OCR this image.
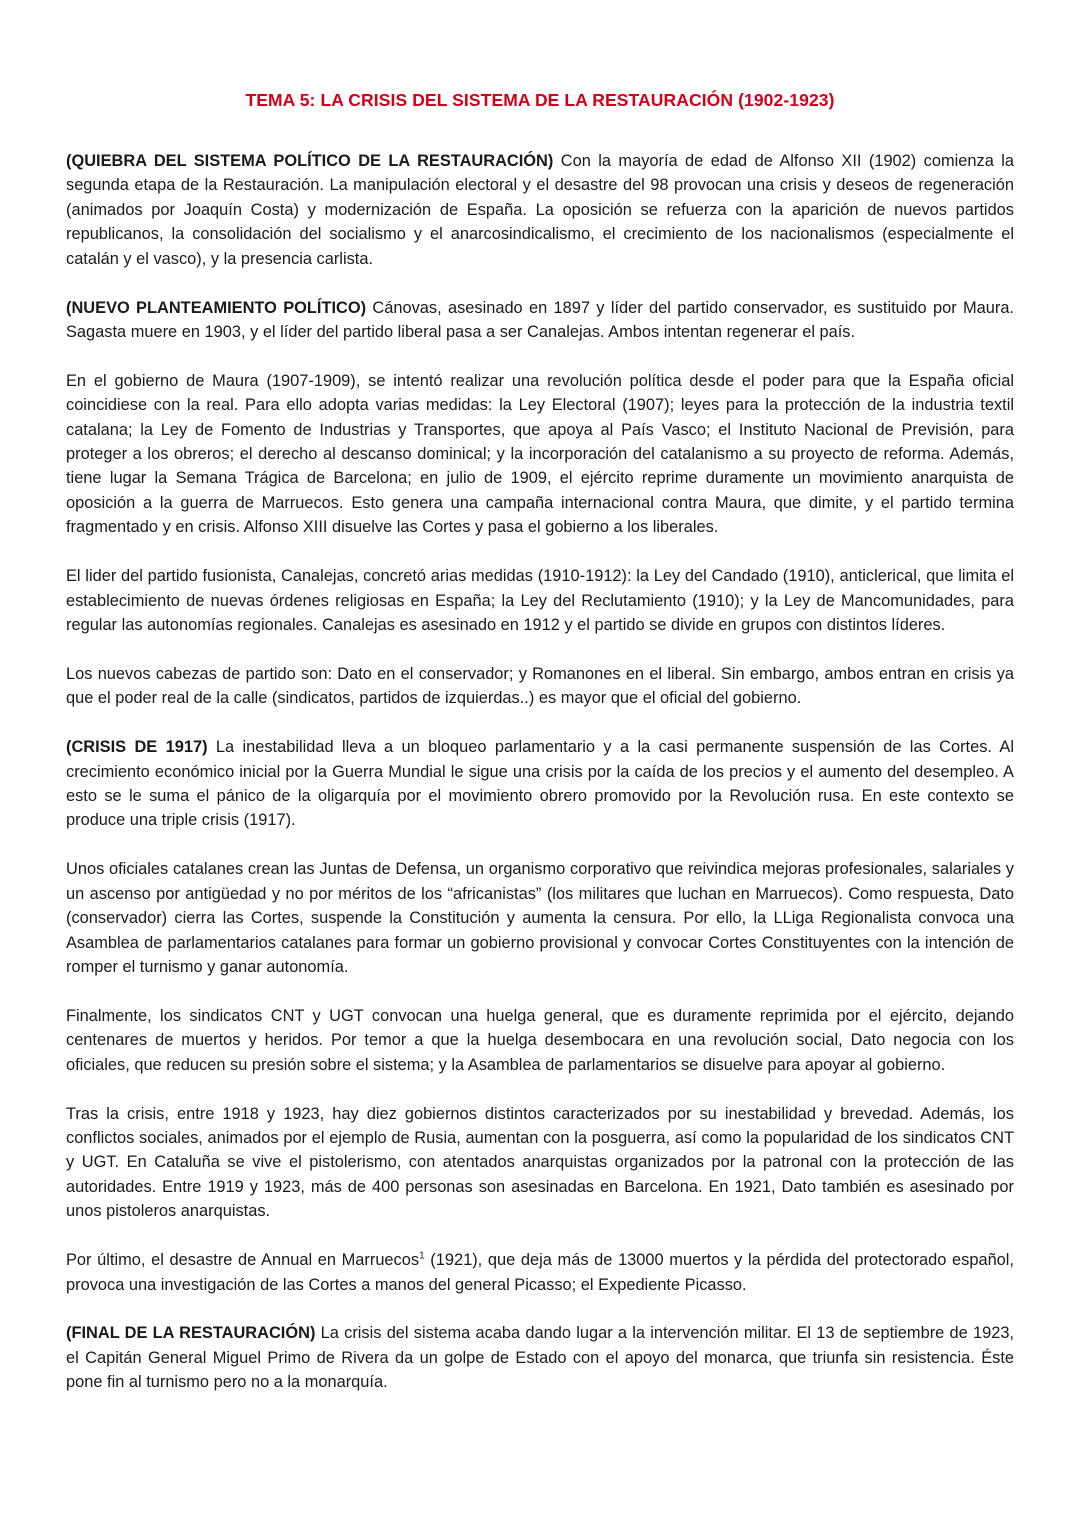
TEMA 5: LA CRISIS DEL SISTEMA DE LA RESTAURACIÓN (1902-1923)

(QUIEBRA DEL SISTEMA POLÍTICO DE LA RESTAURACIÓN) Con la mayoría de edad de Alfonso XII (1902) comienza la segunda etapa de la Restauración. La manipulación electoral y el desastre del 98 provocan una crisis y deseos de regeneración (animados por Joaquín Costa) y modernización de España. La oposición se refuerza con la aparición de nuevos partidos republicanos, la consolidación del socialismo y el anarcosindicalismo, el crecimiento de los nacionalismos (especialmente el catalán y el vasco), y la presencia carlista.

(NUEVO PLANTEAMIENTO POLÍTICO) Cánovas, asesinado en 1897 y líder del partido conservador, es sustituido por Maura. Sagasta muere en 1903, y el líder del partido liberal pasa a ser Canalejas. Ambos intentan regenerar el país.

En el gobierno de Maura (1907-1909), se intentó realizar una revolución política desde el poder para que la España oficial coincidiese con la real. Para ello adopta varias medidas: la Ley Electoral (1907); leyes para la protección de la industria textil catalana; la Ley de Fomento de Industrias y Transportes, que apoya al País Vasco; el Instituto Nacional de Previsión, para proteger a los obreros; el derecho al descanso dominical; y la incorporación del catalanismo a su proyecto de reforma. Además, tiene lugar la Semana Trágica de Barcelona; en julio de 1909, el ejército reprime duramente un movimiento anarquista de oposición a la guerra de Marruecos. Esto genera una campaña internacional contra Maura, que dimite, y el partido termina fragmentado y en crisis. Alfonso XIII disuelve las Cortes y pasa el gobierno a los liberales.

El lider del partido fusionista, Canalejas, concretó arias medidas (1910-1912): la Ley del Candado (1910), anticlerical, que limita el establecimiento de nuevas órdenes religiosas en España; la Ley del Reclutamiento (1910); y la Ley de Mancomunidades, para regular las autonomías regionales. Canalejas es asesinado en 1912 y el partido se divide en grupos con distintos líderes.

Los nuevos cabezas de partido son: Dato en el conservador; y Romanones en el liberal. Sin embargo, ambos entran en crisis ya que el poder real de la calle (sindicatos, partidos de izquierdas..) es mayor que el oficial del gobierno.

(CRISIS DE 1917) La inestabilidad lleva a un bloqueo parlamentario y a la casi permanente suspensión de las Cortes. Al crecimiento económico inicial por la Guerra Mundial le sigue una crisis por la caída de los precios y el aumento del desempleo. A esto se le suma el pánico de la oligarquía por el movimiento obrero promovido por la Revolución rusa. En este contexto se produce una triple crisis (1917).

Unos oficiales catalanes crean las Juntas de Defensa, un organismo corporativo que reivindica mejoras profesionales, salariales y un ascenso por antigüedad y no por méritos de los “africanistas” (los militares que luchan en Marruecos). Como respuesta, Dato (conservador) cierra las Cortes, suspende la Constitución y aumenta la censura. Por ello, la LLiga Regionalista convoca una Asamblea de parlamentarios catalanes para formar un gobierno provisional y convocar Cortes Constituyentes con la intención de romper el turnismo y ganar autonomía.

Finalmente, los sindicatos CNT y UGT convocan una huelga general, que es duramente reprimida por el ejército, dejando centenares de muertos y heridos. Por temor a que la huelga desembocara en una revolución social, Dato negocia con los oficiales, que reducen su presión sobre el sistema; y la Asamblea de parlamentarios se disuelve para apoyar al gobierno.

Tras la crisis, entre 1918 y 1923, hay diez gobiernos distintos caracterizados por su inestabilidad y brevedad. Además, los conflictos sociales, animados por el ejemplo de Rusia, aumentan con la posguerra, así como la popularidad de los sindicatos CNT y UGT. En Cataluña se vive el pistolerismo, con atentados anarquistas organizados por la patronal con la protección de las autoridades. Entre 1919 y 1923, más de 400 personas son asesinadas en Barcelona. En 1921, Dato también es asesinado por unos pistoleros anarquistas.

Por último, el desastre de Annual en Marruecos$^1$ (1921), que deja más de 13000 muertos y la pérdida del protectorado español, provoca una investigación de las Cortes a manos del general Picasso; el Expediente Picasso.

(FINAL DE LA RESTAURACIÓN) La crisis del sistema acaba dando lugar a la intervención militar. El 13 de septiembre de 1923, el Capitán General Miguel Primo de Rivera da un golpe de Estado con el apoyo del monarca, que triunfa sin resistencia. Éste pone fin al turnismo pero no a la monarquía.
